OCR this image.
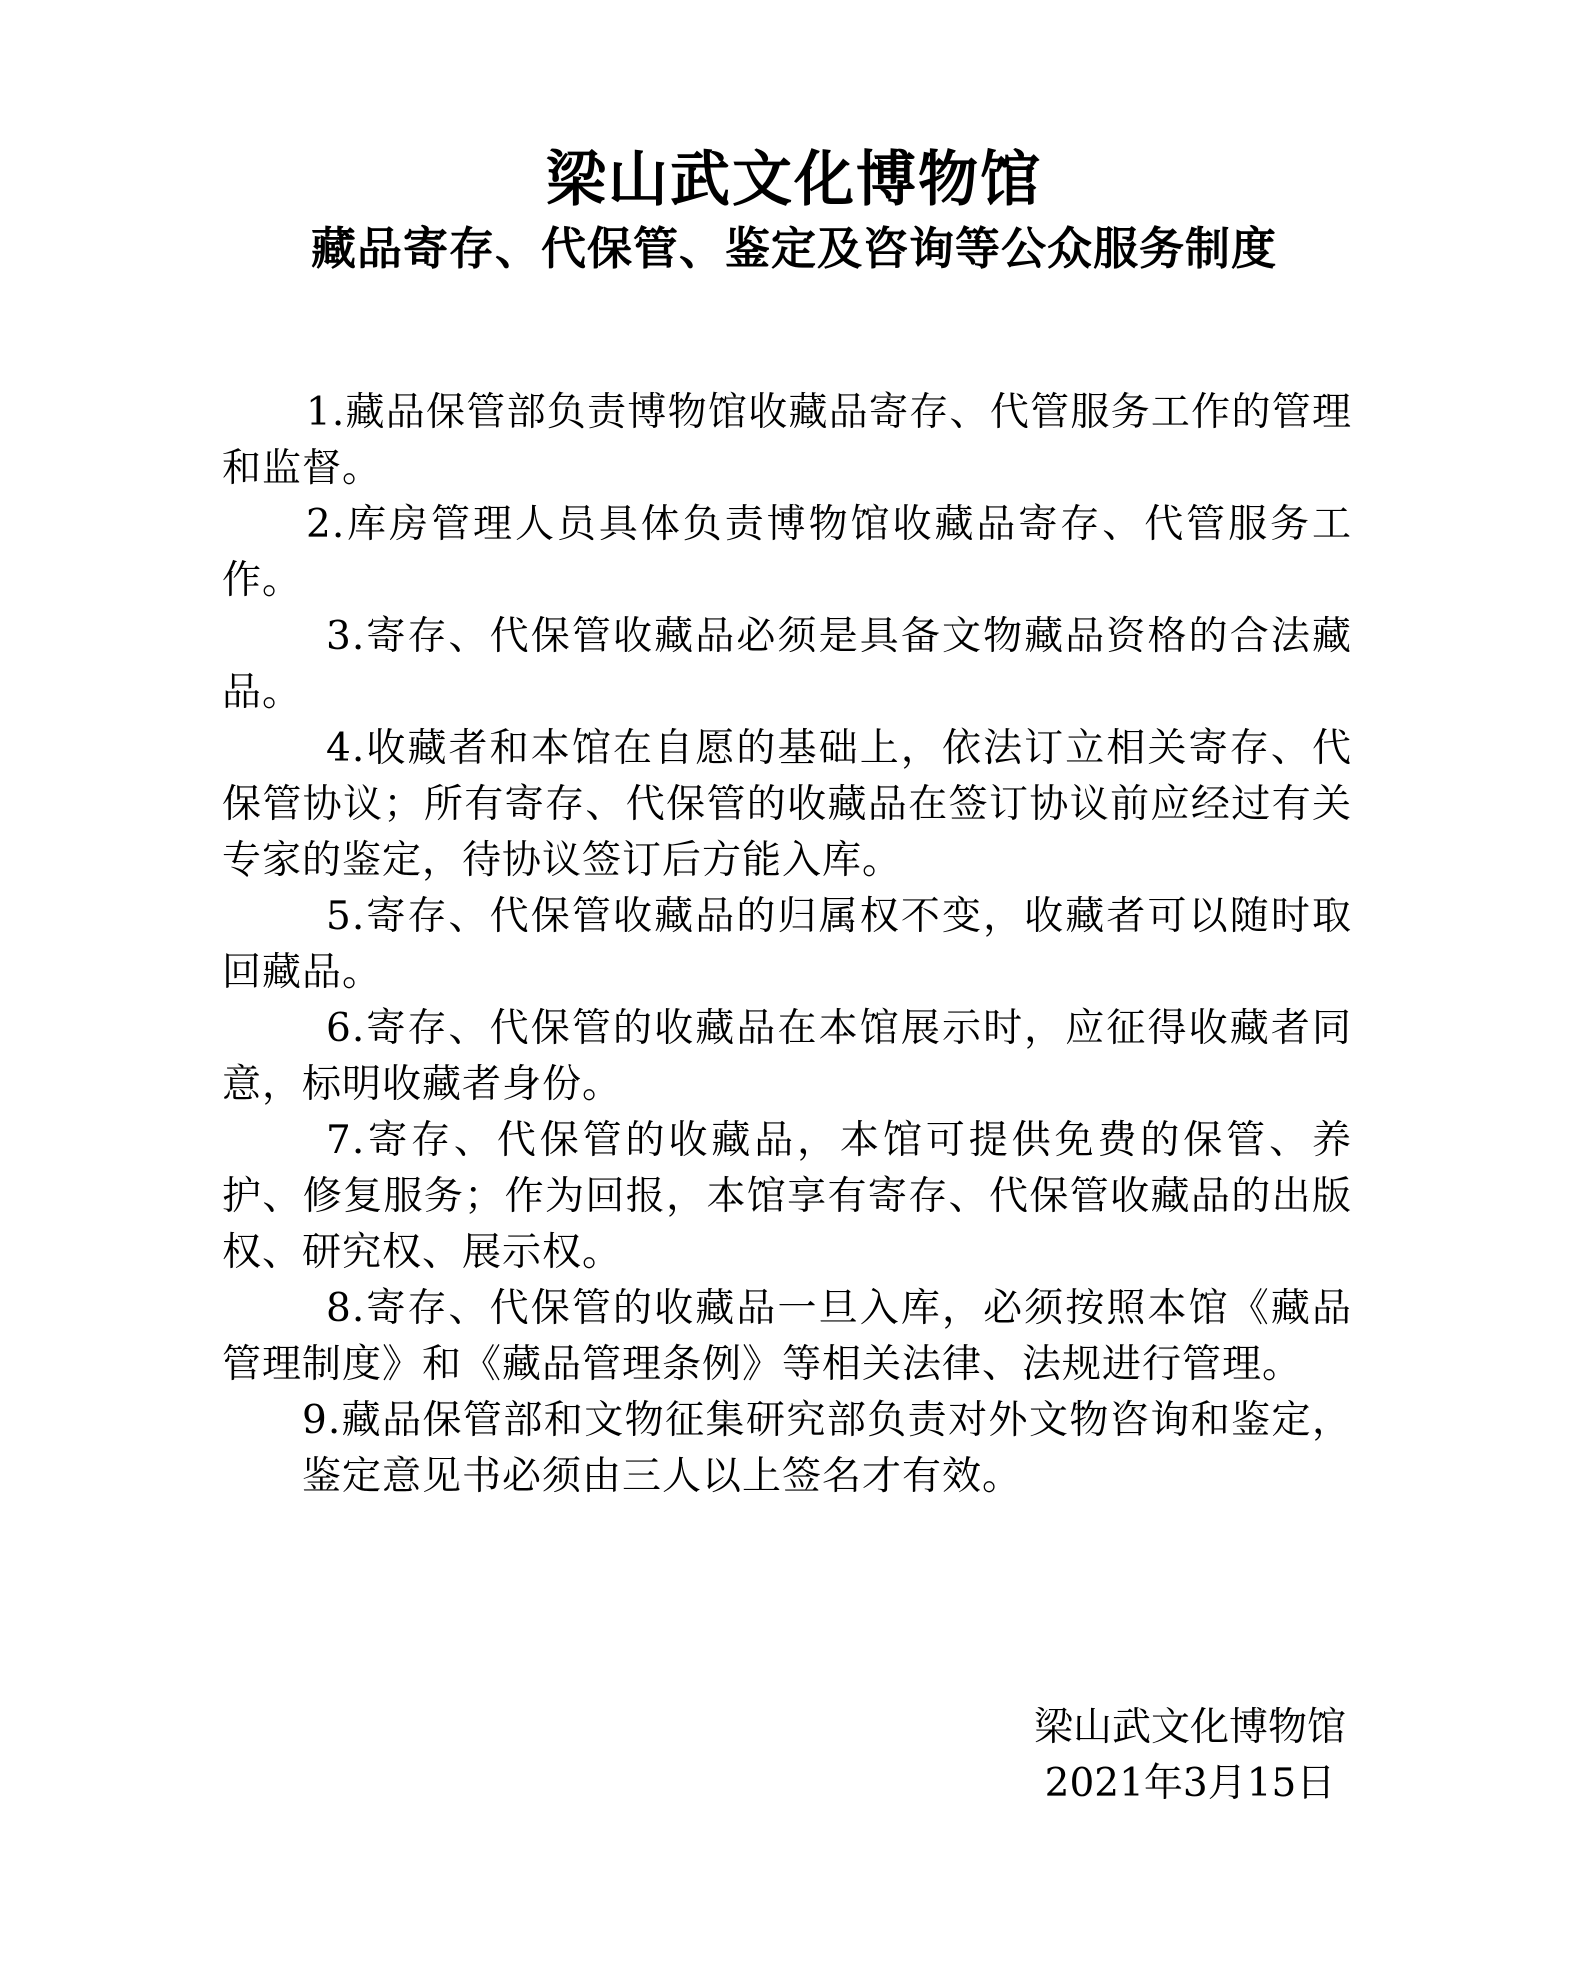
梁山武文化博物馆
藏品寄存、代保管、鉴定及咨询等公众服务制度

1.藏品保管部负责博物馆收藏品寄存、代管服务工作的管理和监督。

2.库房管理人员具体负责博物馆收藏品寄存、代管服务工作。

3.寄存、代保管收藏品必须是具备文物藏品资格的合法藏品。

4.收藏者和本馆在自愿的基础上，依法订立相关寄存、代保管协议；所有寄存、代保管的收藏品在签订协议前应经过有关专家的鉴定，待协议签订后方能入库。

5.寄存、代保管收藏品的归属权不变，收藏者可以随时取回藏品。

6.寄存、代保管的收藏品在本馆展示时，应征得收藏者同意，标明收藏者身份。

7.寄存、代保管的收藏品，本馆可提供免费的保管、养护、修复服务；作为回报，本馆享有寄存、代保管收藏品的出版权、研究权、展示权。

8.寄存、代保管的收藏品一旦入库，必须按照本馆《藏品管理制度》和《藏品管理条例》等相关法律、法规进行管理。

9.藏品保管部和文物征集研究部负责对外文物咨询和鉴定，鉴定意见书必须由三人以上签名才有效。

梁山武文化博物馆
2021年3月15日
